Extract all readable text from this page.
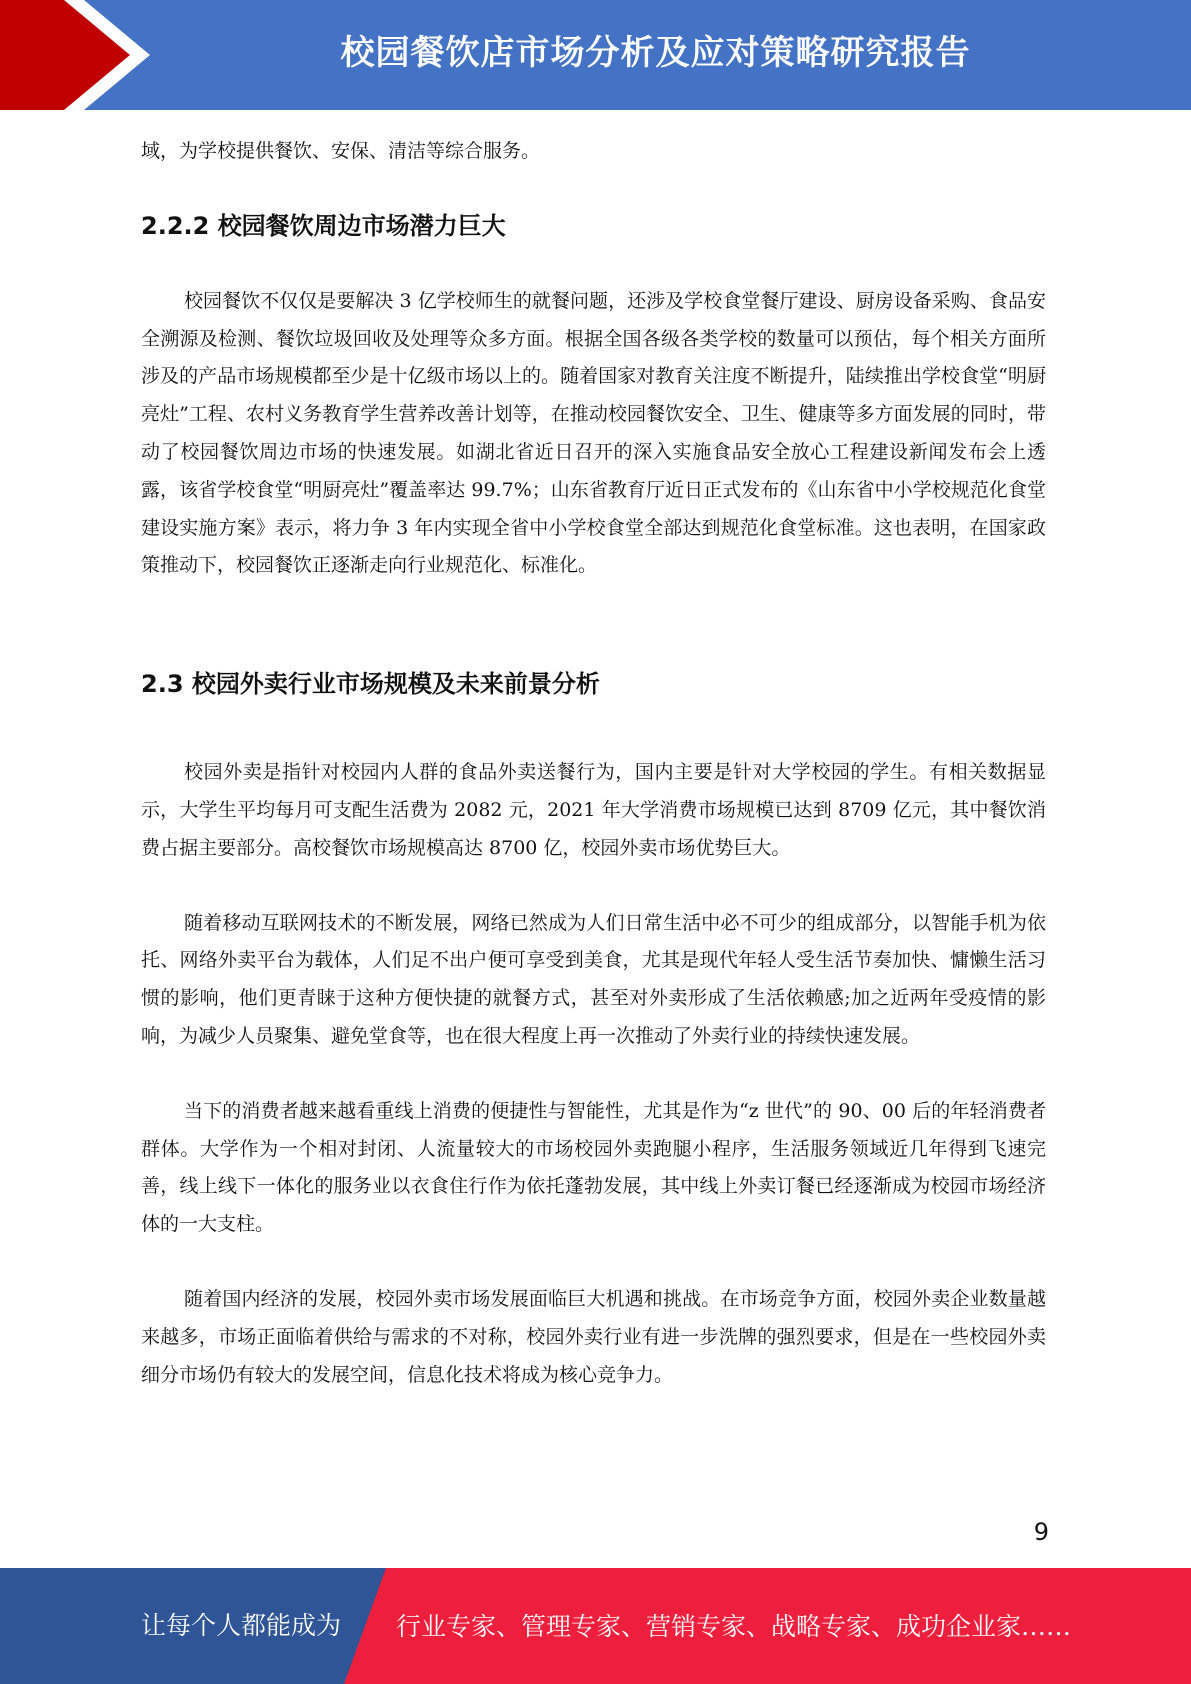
校园餐饮店市场分析及应对策略研究报告

域，为学校提供餐饮、安保、清洁等综合服务。

2.2.2 校园餐饮周边市场潜力巨大

校园餐饮不仅仅是要解决 3 亿学校师生的就餐问题，还涉及学校食堂餐厅建设、厨房设备采购、食品安全溯源及检测、餐饮垃圾回收及处理等众多方面。根据全国各级各类学校的数量可以预估，每个相关方面所涉及的产品市场规模都至少是十亿级市场以上的。随着国家对教育关注度不断提升，陆续推出学校食堂“明厨亮灶”工程、农村义务教育学生营养改善计划等，在推动校园餐饮安全、卫生、健康等多方面发展的同时，带动了校园餐饮周边市场的快速发展。如湖北省近日召开的深入实施食品安全放心工程建设新闻发布会上透露，该省学校食堂“明厨亮灶”覆盖率达 99.7%；山东省教育厅近日正式发布的《山东省中小学校规范化食堂建设实施方案》表示，将力争 3 年内实现全省中小学校食堂全部达到规范化食堂标准。这也表明，在国家政策推动下，校园餐饮正逐渐走向行业规范化、标准化。

2.3 校园外卖行业市场规模及未来前景分析

校园外卖是指针对校园内人群的食品外卖送餐行为，国内主要是针对大学校园的学生。有相关数据显示，大学生平均每月可支配生活费为 2082 元，2021 年大学消费市场规模已达到 8709 亿元，其中餐饮消费占据主要部分。高校餐饮市场规模高达 8700 亿，校园外卖市场优势巨大。

随着移动互联网技术的不断发展，网络已然成为人们日常生活中必不可少的组成部分，以智能手机为依托、网络外卖平台为载体，人们足不出户便可享受到美食，尤其是现代年轻人受生活节奏加快、慵懒生活习惯的影响，他们更青睐于这种方便快捷的就餐方式，甚至对外卖形成了生活依赖感;加之近两年受疫情的影响，为减少人员聚集、避免堂食等，也在很大程度上再一次推动了外卖行业的持续快速发展。

当下的消费者越来越看重线上消费的便捷性与智能性，尤其是作为“z 世代”的 90、00 后的年轻消费者群体。大学作为一个相对封闭、人流量较大的市场校园外卖跑腿小程序，生活服务领域近几年得到飞速完善，线上线下一体化的服务业以衣食住行作为依托蓬勃发展，其中线上外卖订餐已经逐渐成为校园市场经济体的一大支柱。

随着国内经济的发展，校园外卖市场发展面临巨大机遇和挑战。在市场竞争方面，校园外卖企业数量越来越多，市场正面临着供给与需求的不对称，校园外卖行业有进一步洗牌的强烈要求，但是在一些校园外卖细分市场仍有较大的发展空间，信息化技术将成为核心竞争力。

9
让每个人都能成为 行业专家、管理专家、营销专家、战略专家、成功企业家……
